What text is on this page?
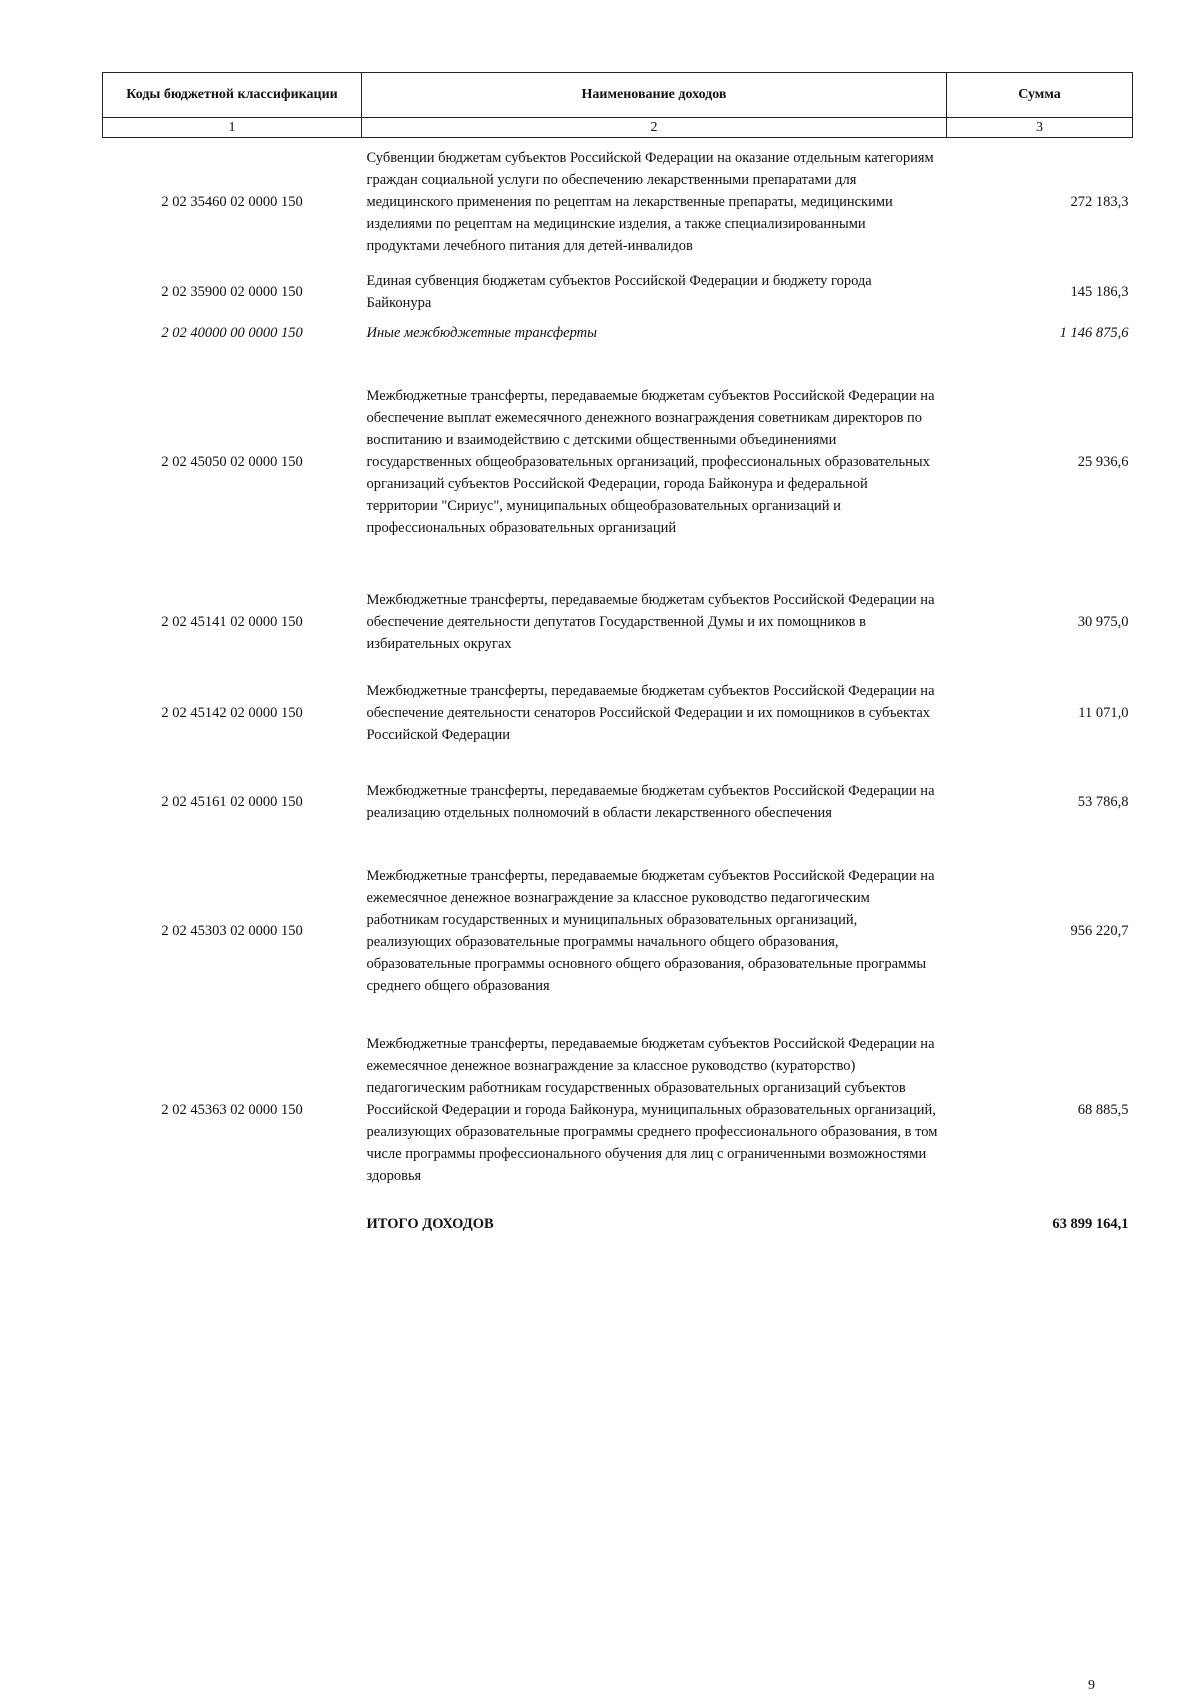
Коды бюджетной классификации	Наименование доходов	Сумма
1	2	3
2 02 35460 02 0000 150	Субвенции бюджетам субъектов Российской Федерации на оказание отдельным категориям граждан социальной услуги по обеспечению лекарственными препаратами для медицинского применения по рецептам на лекарственные препараты, медицинскими изделиями по рецептам на медицинские изделия, а также специализированными продуктами лечебного питания для детей-инвалидов	272 183,3
2 02 35900 02 0000 150	Единая субвенция бюджетам субъектов Российской Федерации и бюджету города Байконура	145 186,3
2 02 40000 00 0000 150	Иные межбюджетные трансферты	1 146 875,6
2 02 45050 02 0000 150	Межбюджетные трансферты, передаваемые бюджетам субъектов Российской Федерации на обеспечение выплат ежемесячного денежного вознаграждения советникам директоров по воспитанию и взаимодействию с детскими общественными объединениями государственных общеобразовательных организаций, профессиональных образовательных организаций субъектов Российской Федерации, города Байконура и федеральной территории "Сириус", муниципальных общеобразовательных организаций и профессиональных образовательных организаций	25 936,6
2 02 45141 02 0000 150	Межбюджетные трансферты, передаваемые бюджетам субъектов Российской Федерации на обеспечение деятельности депутатов Государственной Думы и их помощников в избирательных округах	30 975,0
2 02 45142 02 0000 150	Межбюджетные трансферты, передаваемые бюджетам субъектов Российской Федерации на обеспечение деятельности сенаторов Российской Федерации и их помощников в субъектах Российской Федерации	11 071,0
2 02 45161 02 0000 150	Межбюджетные трансферты, передаваемые бюджетам субъектов Российской Федерации на реализацию отдельных полномочий в области лекарственного обеспечения	53 786,8
2 02 45303 02 0000 150	Межбюджетные трансферты, передаваемые бюджетам субъектов Российской Федерации на ежемесячное денежное вознаграждение за классное руководство педагогическим работникам государственных и муниципальных образовательных организаций, реализующих образовательные программы начального общего образования, образовательные программы основного общего образования, образовательные программы среднего общего образования	956 220,7
2 02 45363 02 0000 150	Межбюджетные трансферты, передаваемые бюджетам субъектов Российской Федерации на ежемесячное денежное вознаграждение за классное руководство (кураторство) педагогическим работникам государственных образовательных организаций субъектов Российской Федерации и города Байконура, муниципальных образовательных организаций, реализующих образовательные программы среднего профессионального образования, в том числе программы профессионального обучения для лиц с ограниченными возможностями здоровья	68 885,5
	ИТОГО ДОХОДОВ	63 899 164,1
9
